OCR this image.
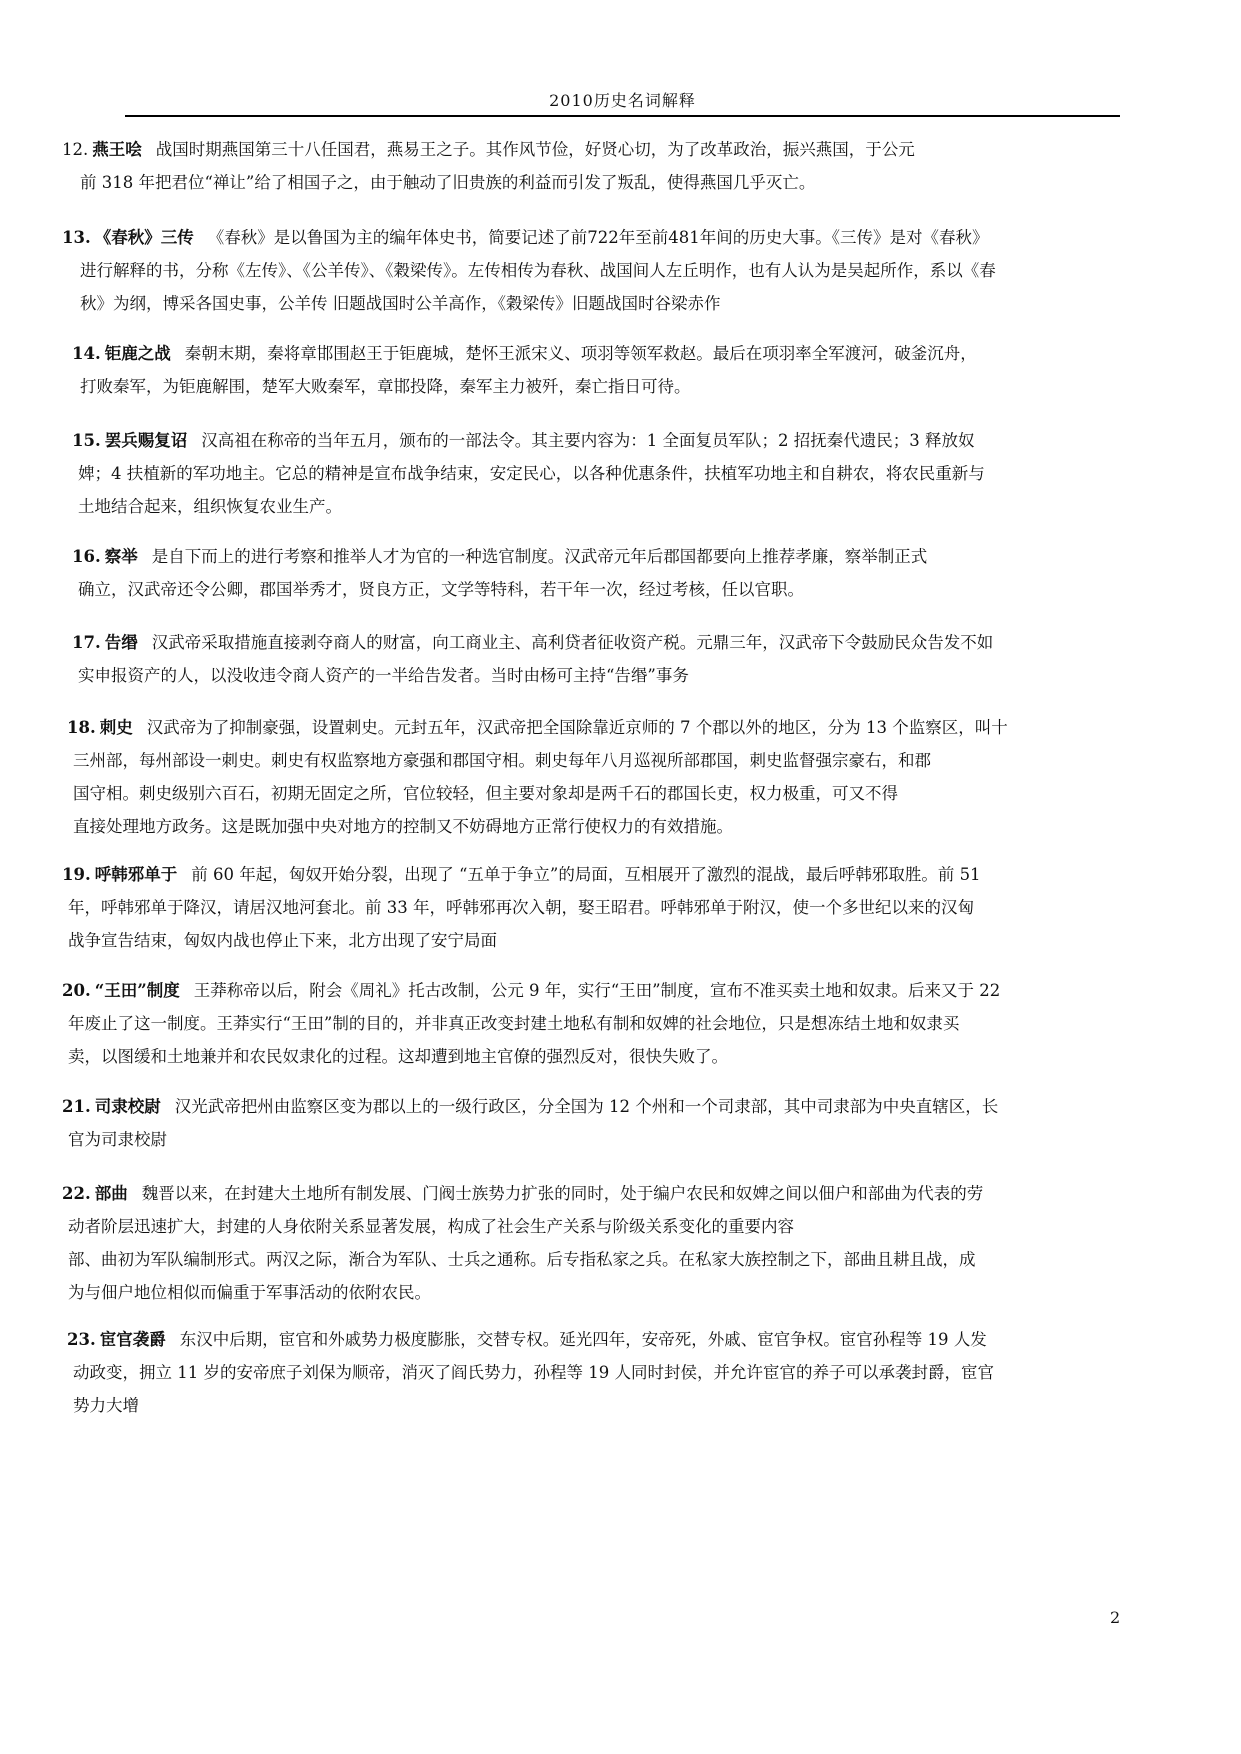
2010历史名词解释
12. 燕王哙 战国时期燕国第三十八任国君，燕易王之子。其作风节俭，好贤心切，为了改革政治，振兴燕国，于公元
前 318 年把君位“禅让”给了相国子之，由于触动了旧贵族的利益而引发了叛乱，使得燕国几乎灭亡。
13. 《春秋》三传 《春秋》是以鲁国为主的编年体史书，简要记述了前722年至前481年间的历史大事。《三传》是对《春秋》
进行解释的书，分称《左传》、《公羊传》、《穀梁传》。左传相传为春秋、战国间人左丘明作，也有人认为是吴起所作，系以《春
秋》为纲，博采各国史事，公羊传 旧题战国时公羊高作，《穀梁传》旧题战国时谷梁赤作
14. 钜鹿之战 秦朝末期，秦将章邯围赵王于钜鹿城，楚怀王派宋义、项羽等领军救赵。最后在项羽率全军渡河，破釜沉舟，
打败秦军，为钜鹿解围，楚军大败秦军，章邯投降，秦军主力被歼，秦亡指日可待。
15. 罢兵赐复诏 汉高祖在称帝的当年五月，颁布的一部法令。其主要内容为：1 全面复员军队；2 招抚秦代遗民；3 释放奴
婢；4 扶植新的军功地主。它总的精神是宣布战争结束，安定民心，以各种优惠条件，扶植军功地主和自耕农，将农民重新与
土地结合起来，组织恢复农业生产。
16. 察举 是自下而上的进行考察和推举人才为官的一种选官制度。汉武帝元年后郡国都要向上推荐孝廉，察举制正式
确立，汉武帝还令公卿，郡国举秀才，贤良方正，文学等特科，若干年一次，经过考核，任以官职。
17. 告缗 汉武帝采取措施直接剥夺商人的财富，向工商业主、高利贷者征收资产税。元鼎三年，汉武帝下令鼓励民众告发不如
实申报资产的人，以没收违令商人资产的一半给告发者。当时由杨可主持“告缗”事务
18. 刺史 汉武帝为了抑制豪强，设置刺史。元封五年，汉武帝把全国除靠近京师的 7 个郡以外的地区，分为 13 个监察区，叫十
三州部，每州部设一刺史。刺史有权监察地方豪强和郡国守相。刺史每年八月巡视所部郡国，刺史监督强宗豪右，和郡
国守相。刺史级别六百石，初期无固定之所，官位较轻，但主要对象却是两千石的郡国长吏，权力极重，可又不得
直接处理地方政务。这是既加强中央对地方的控制又不妨碍地方正常行使权力的有效措施。
19. 呼韩邪单于 前 60 年起，匈奴开始分裂，出现了 “五单于争立”的局面，互相展开了激烈的混战，最后呼韩邪取胜。前 51
年，呼韩邪单于降汉，请居汉地河套北。前 33 年，呼韩邪再次入朝，娶王昭君。呼韩邪单于附汉，使一个多世纪以来的汉匈
战争宣告结束，匈奴内战也停止下来，北方出现了安宁局面
20. “王田”制度 王莽称帝以后，附会《周礼》托古改制，公元 9 年，实行“王田”制度，宣布不准买卖土地和奴隶。后来又于 22
年废止了这一制度。王莽实行“王田”制的目的，并非真正改变封建土地私有制和奴婢的社会地位，只是想冻结土地和奴隶买
卖，以图缓和土地兼并和农民奴隶化的过程。这却遭到地主官僚的强烈反对，很快失败了。
21. 司隶校尉 汉光武帝把州由监察区变为郡以上的一级行政区，分全国为 12 个州和一个司隶部，其中司隶部为中央直辖区，长
官为司隶校尉
22. 部曲 魏晋以来，在封建大土地所有制发展、门阀士族势力扩张的同时，处于编户农民和奴婢之间以佃户和部曲为代表的劳
动者阶层迅速扩大，封建的人身依附关系显著发展，构成了社会生产关系与阶级关系变化的重要内容
部、曲初为军队编制形式。两汉之际，渐合为军队、士兵之通称。后专指私家之兵。在私家大族控制之下，部曲且耕且战，成
为与佃户地位相似而偏重于军事活动的依附农民。
23. 宦官袭爵 东汉中后期，宦官和外戚势力极度膨胀，交替专权。延光四年，安帝死，外戚、宦官争权。宦官孙程等 19 人发
动政变，拥立 11 岁的安帝庶子刘保为顺帝，消灭了阎氏势力，孙程等 19 人同时封侯，并允许宦官的养子可以承袭封爵，宦官
势力大增
2
